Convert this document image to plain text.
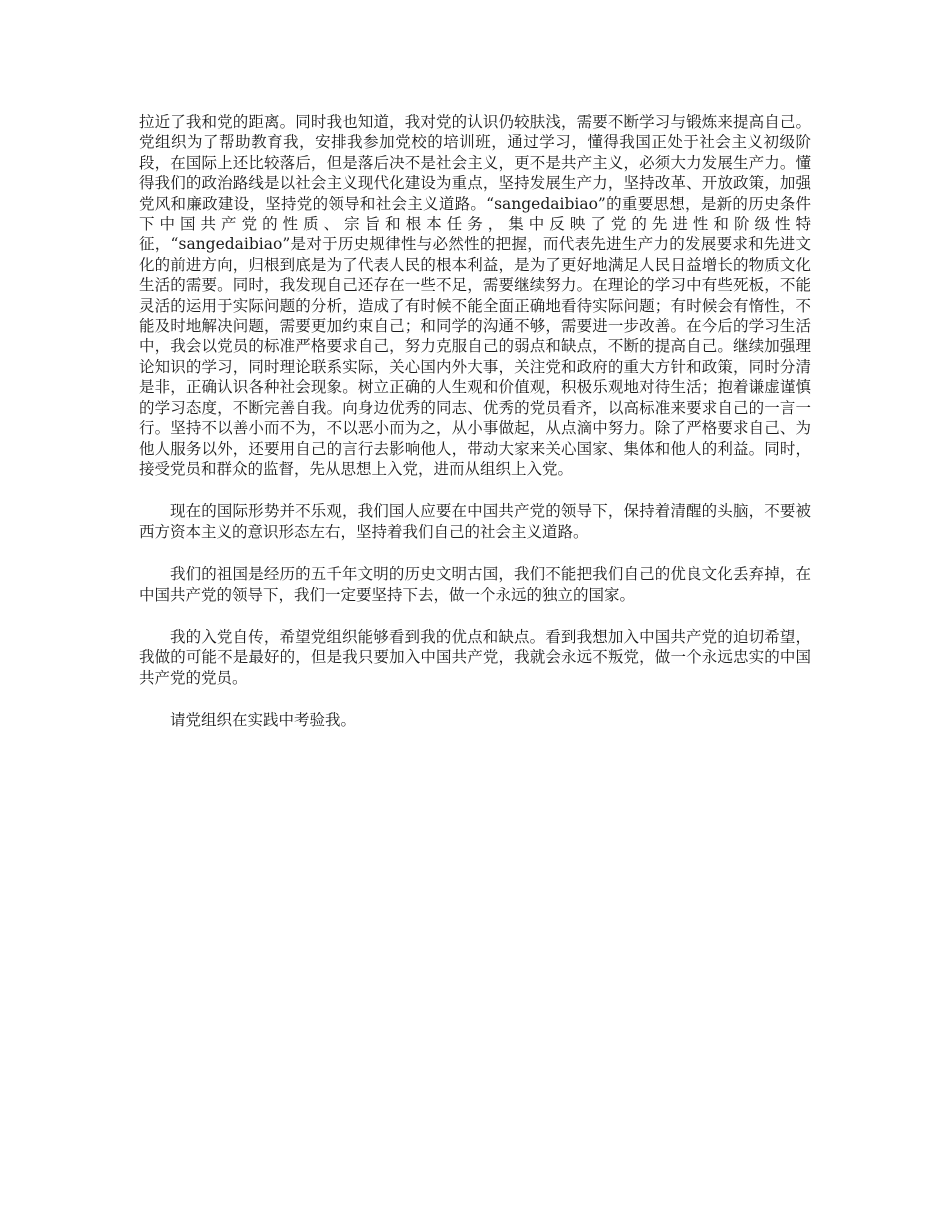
拉近了我和党的距离。同时我也知道，我对党的认识仍较肤浅，需要不断学习与锻炼来提高自己。党组织为了帮助教育我，安排我参加党校的培训班，通过学习，懂得我国正处于社会主义初级阶段，在国际上还比较落后，但是落后决不是社会主义，更不是共产主义，必须大力发展生产力。懂得我们的政治路线是以社会主义现代化建设为重点，坚持发展生产力，坚持改革、开放政策，加强党风和廉政建设，坚持党的领导和社会主义道路。“sangedaibiao”的重要思想，是新的历史条件下中国共产党的性质、宗旨和根本任务，集中反映了党的先进性和阶级性特征，“sangedaibiao”是对于历史规律性与必然性的把握，而代表先进生产力的发展要求和先进文化的前进方向，归根到底是为了代表人民的根本利益，是为了更好地满足人民日益增长的物质文化生活的需要。同时，我发现自己还存在一些不足，需要继续努力。在理论的学习中有些死板，不能灵活的运用于实际问题的分析，造成了有时候不能全面正确地看待实际问题；有时候会有惰性，不能及时地解决问题，需要更加约束自己；和同学的沟通不够，需要进一步改善。在今后的学习生活中，我会以党员的标准严格要求自己，努力克服自己的弱点和缺点，不断的提高自己。继续加强理论知识的学习，同时理论联系实际，关心国内外大事，关注党和政府的重大方针和政策，同时分清是非，正确认识各种社会现象。树立正确的人生观和价值观，积极乐观地对待生活；抱着谦虚谨慎的学习态度，不断完善自我。向身边优秀的同志、优秀的党员看齐，以高标准来要求自己的一言一行。坚持不以善小而不为，不以恶小而为之，从小事做起，从点滴中努力。除了严格要求自己、为他人服务以外，还要用自己的言行去影响他人，带动大家来关心国家、集体和他人的利益。同时，接受党员和群众的监督，先从思想上入党，进而从组织上入党。

现在的国际形势并不乐观，我们国人应要在中国共产党的领导下，保持着清醒的头脑，不要被西方资本主义的意识形态左右，坚持着我们自己的社会主义道路。

我们的祖国是经历的五千年文明的历史文明古国，我们不能把我们自己的优良文化丢弃掉，在中国共产党的领导下，我们一定要坚持下去，做一个永远的独立的国家。

我的入党自传，希望党组织能够看到我的优点和缺点。看到我想加入中国共产党的迫切希望，我做的可能不是最好的，但是我只要加入中国共产党，我就会永远不叛党，做一个永远忠实的中国共产党的党员。

请党组织在实践中考验我。
